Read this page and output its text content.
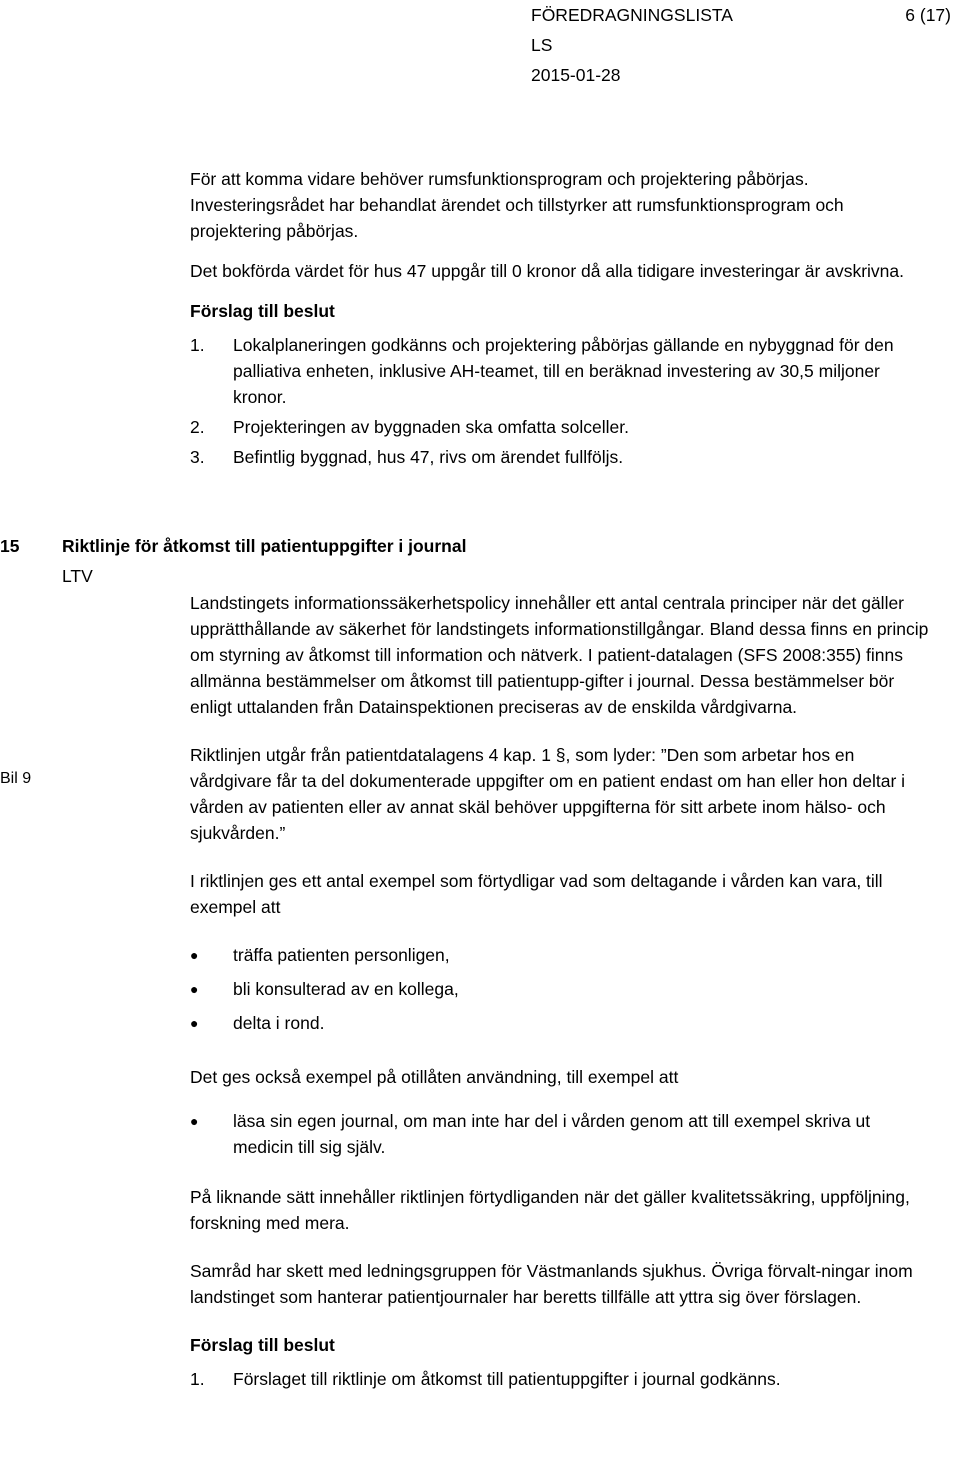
FÖREDRAGNINGSLISTA	6 (17)
LS
2015-01-28

För att komma vidare behöver rumsfunktionsprogram och projektering påbörjas. Investeringsrådet har behandlat ärendet och tillstyrker att rumsfunktionsprogram och projektering påbörjas.

Det bokförda värdet för hus 47 uppgår till 0 kronor då alla tidigare investeringar är avskrivna.

Förslag till beslut

1.	Lokalplaneringen godkänns och projektering påbörjas gällande en nybyggnad för den palliativa enheten, inklusive AH-teamet, till en beräknad investering av 30,5 miljoner kronor.
2.	Projekteringen av byggnaden ska omfatta solceller.
3.	Befintlig byggnad, hus 47, rivs om ärendet fullföljs.
15 Riktlinje för åtkomst till patientuppgifter i journal
LTV
Bil 9

Landstingets informationssäkerhetspolicy innehåller ett antal centrala principer när det gäller upprätthållande av säkerhet för landstingets informationstillgångar. Bland dessa finns en princip om styrning av åtkomst till information och nätverk. I patient-datalagen (SFS 2008:355) finns allmänna bestämmelser om åtkomst till patientupp-gifter i journal. Dessa bestämmelser bör enligt uttalanden från Datainspektionen preciseras av de enskilda vårdgivarna.

Riktlinjen utgår från patientdatalagens 4 kap. 1 §, som lyder: ”Den som arbetar hos en vårdgivare får ta del dokumenterade uppgifter om en patient endast om han eller hon deltar i vården av patienten eller av annat skäl behöver uppgifterna för sitt arbete inom hälso- och sjukvården.”

I riktlinjen ges ett antal exempel som förtydligar vad som deltagande i vården kan vara, till exempel att

●	träffa patienten personligen,
●	bli konsulterad av en kollega,
●	delta i rond.

Det ges också exempel på otillåten användning, till exempel att

●	läsa sin egen journal, om man inte har del i vården genom att till exempel skriva ut medicin till sig själv.

På liknande sätt innehåller riktlinjen förtydliganden när det gäller kvalitetssäkring, uppföljning, forskning med mera.

Samråd har skett med ledningsgruppen för Västmanlands sjukhus. Övriga förvalt-ningar inom landstinget som hanterar patientjournaler har beretts tillfälle att yttra sig över förslagen.

Förslag till beslut

1.	Förslaget till riktlinje om åtkomst till patientuppgifter i journal godkänns.
